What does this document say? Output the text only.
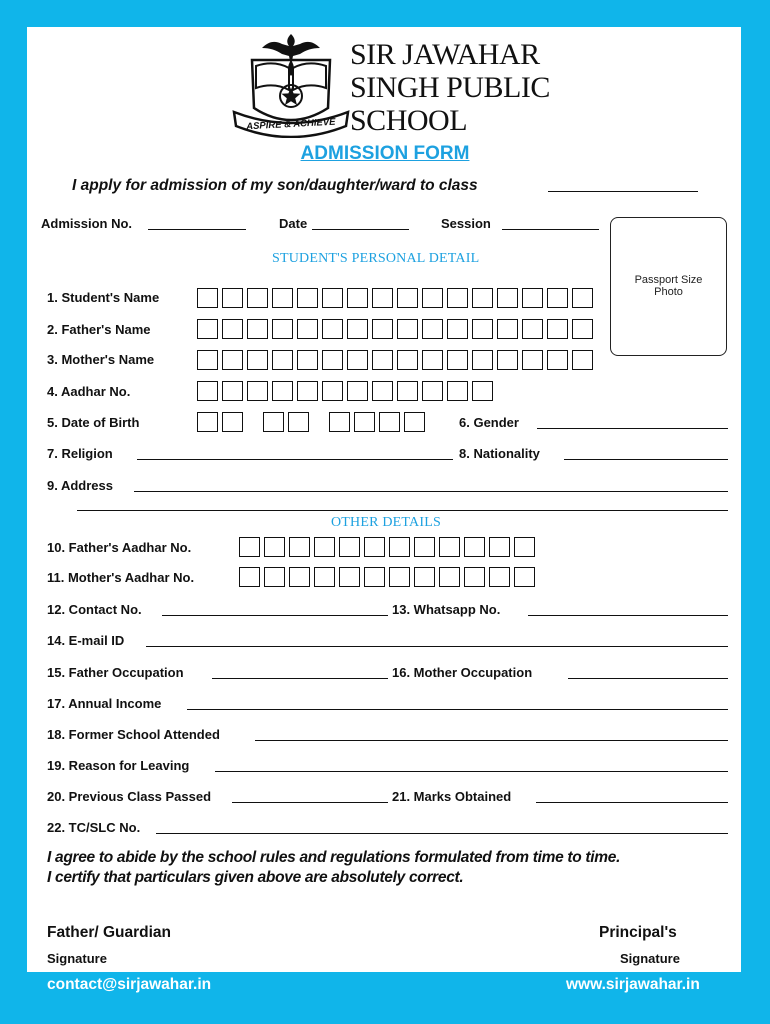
ASPIRE & ACHIEVE
SIR JAWAHAR
SINGH PUBLIC
SCHOOL
ADMISSION FORM
I apply for admission of my son/daughter/ward to class
Admission No.	Date	Session
Passport Size
Photo
STUDENT'S PERSONAL DETAIL
1. Student's Name
2. Father's Name
3. Mother's Name
4. Aadhar No.
5. Date of Birth	6. Gender
7. Religion	8. Nationality
9. Address
OTHER DETAILS
10. Father's Aadhar No.
11. Mother's Aadhar No.
12. Contact No.	13. Whatsapp No.
14. E-mail ID
15. Father Occupation	16. Mother Occupation
17. Annual Income
18. Former School Attended
19. Reason for Leaving
20. Previous Class Passed	21. Marks Obtained
22. TC/SLC No.
I agree to abide by the school rules and regulations formulated from time to time.
I certify that particulars given above are absolutely correct.
Father/ Guardian
Signature
Principal's
Signature
contact@sirjawahar.in	www.sirjawahar.in
